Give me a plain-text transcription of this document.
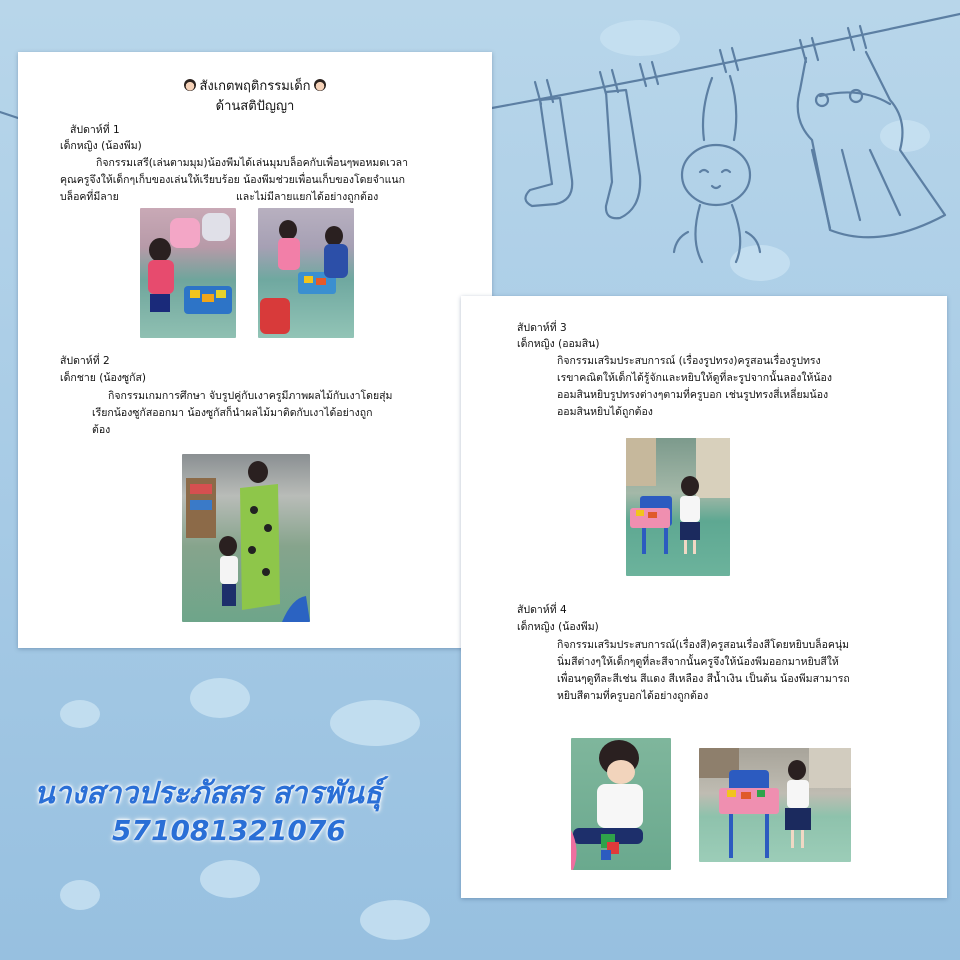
สังเกตพฤติกรรมเด็ก
ด้านสติปัญญา
สัปดาห์ที่ 1
เด็กหญิง (น้องพีม)
กิจกรรมเสรี(เล่นตามมุม)น้องพีมได้เล่นมุมบล็อคกับเพื่อนๆพอหมดเวลา
คุณครูจึงให้เด็กๆเก็บของเล่นให้เรียบร้อย น้องพีมช่วยเพื่อนเก็บของโดยจำแนก
บล็อคที่มีลาย	และไม่มีลายแยกได้อย่างถูกต้อง
สัปดาห์ที่ 2
เด็กชาย (น้องซูกัส)
กิจกรรมเกมการศึกษา จับรูปคู่กับเงาครูมีภาพผลไม้กับเงาโดยสุ่ม
เรียกน้องซูกัสออกมา น้องซูกัสก็นำผลไม้มาติดกับเงาได้อย่างถูก
ต้อง
สัปดาห์ที่ 3
เด็กหญิง (ออมสิน)
กิจกรรมเสริมประสบการณ์ (เรื่องรูปทรง)ครูสอนเรื่องรูปทรง
เรขาคณิตให้เด็กได้รู้จักและหยิบให้ดูที่ละรูปจากนั้นลองให้น้อง
ออมสินหยิบรูปทรงต่างๆตามที่ครูบอก เช่นรูปทรงสี่เหลี่ยมน้อง
ออมสินหยิบได้ถูกต้อง
สัปดาห์ที่ 4
เด็กหญิง (น้องพีม)
กิจกรรมเสริมประสบการณ์(เรื่องสี)ครูสอนเรื่องสีโดยหยิบบล็อคนุ่ม
นิ่มสีต่างๆให้เด็กๆดูที่ละสีจากนั้นครูจึงให้น้องพีมออกมาหยิบสีให้
เพื่อนๆดูทีละสีเช่น สีแดง สีเหลือง สีน้ำเงิน เป็นต้น น้องพีมสามารถ
หยิบสีตามที่ครูบอกได้อย่างถูกต้อง
นางสาวประภัสสร สารพันธุ์
571081321076
